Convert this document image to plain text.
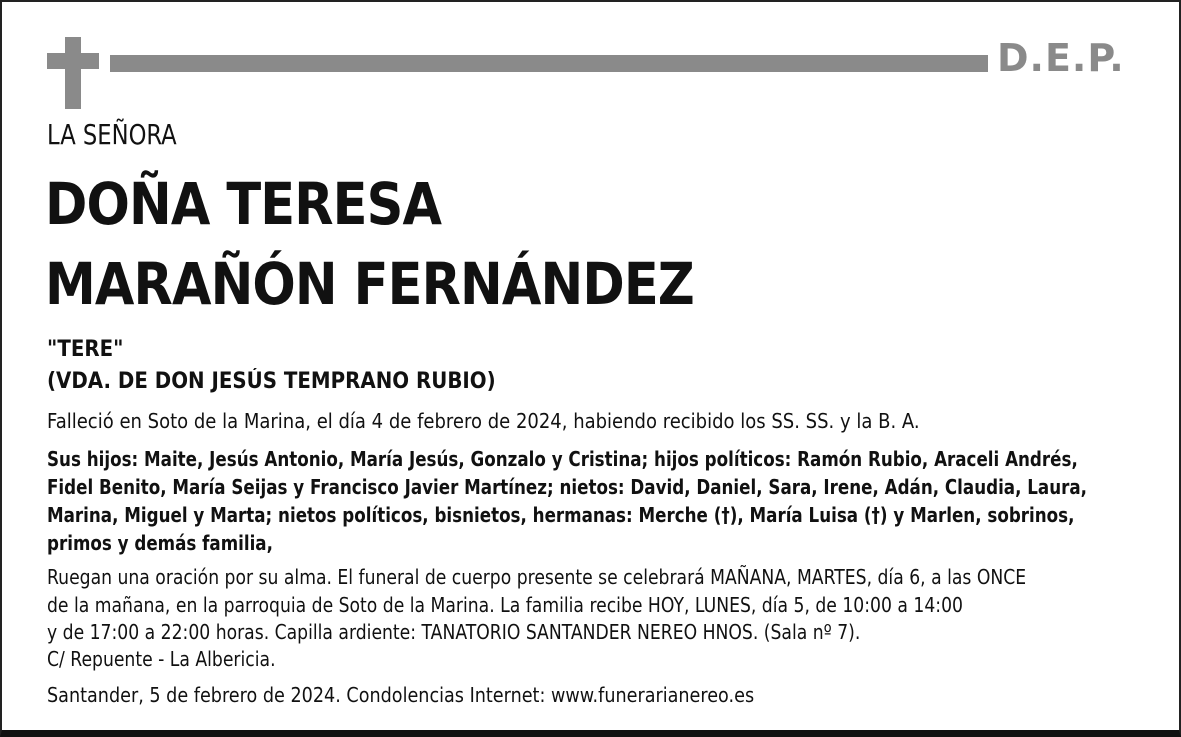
D.E.P.
LA SEÑORA
DOÑA TERESA
MARAÑÓN FERNÁNDEZ
"TERE"
(VDA. DE DON JESÚS TEMPRANO RUBIO)
Falleció en Soto de la Marina, el día 4 de febrero de 2024, habiendo recibido los SS. SS. y la B. A.
Sus hijos: Maite, Jesús Antonio, María Jesús, Gonzalo y Cristina; hijos políticos: Ramón Rubio, Araceli Andrés,
Fidel Benito, María Seijas y Francisco Javier Martínez; nietos: David, Daniel, Sara, Irene, Adán, Claudia, Laura,
Marina, Miguel y Marta; nietos políticos, bisnietos, hermanas: Merche (†), María Luisa (†) y Marlen, sobrinos,
primos y demás familia,
Ruegan una oración por su alma. El funeral de cuerpo presente se celebrará MAÑANA, MARTES, día 6, a las ONCE
de la mañana, en la parroquia de Soto de la Marina. La familia recibe HOY, LUNES, día 5, de 10:00 a 14:00
y de 17:00 a 22:00 horas. Capilla ardiente: TANATORIO SANTANDER NEREO HNOS. (Sala nº 7).
C/ Repuente - La Albericia.
Santander, 5 de febrero de 2024. Condolencias Internet: www.funerarianereo.es
